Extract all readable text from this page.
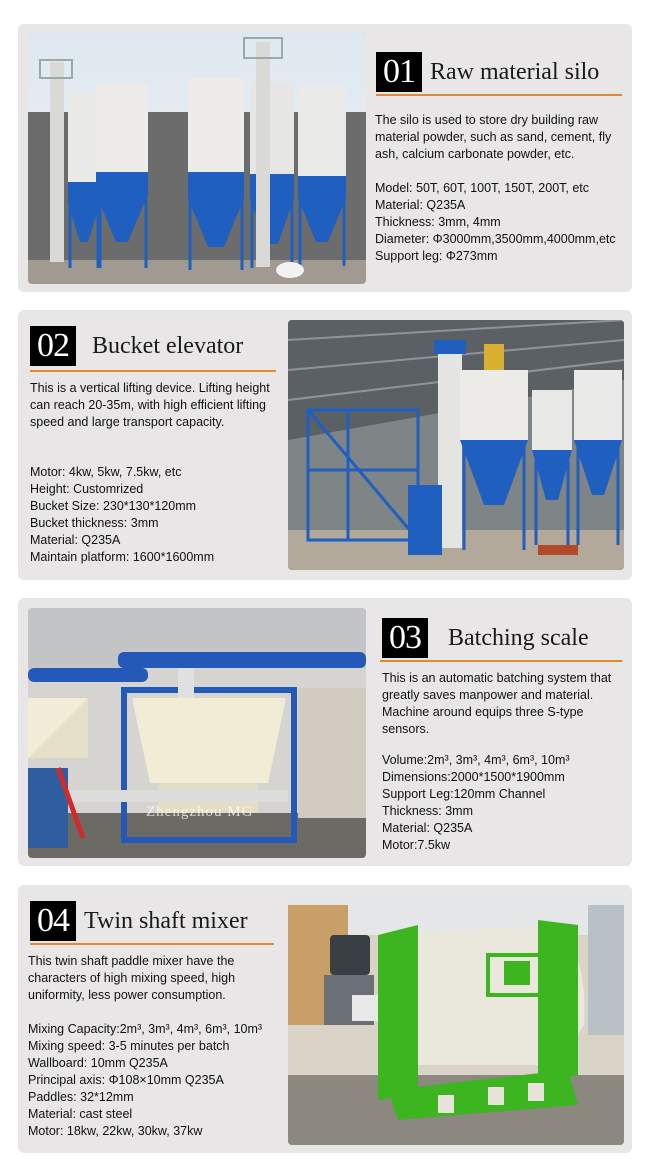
01 Raw material silo

The silo is used to store dry building raw material powder, such as sand, cement, fly ash, calcium carbonate powder, etc.

Model: 50T, 60T, 100T, 150T, 200T, etc
Material: Q235A
Thickness: 3mm, 4mm
Diameter: Φ3000mm,3500mm,4000mm,etc
Support leg: Φ273mm
02 Bucket elevator

This is a vertical lifting device. Lifting height can reach 20-35m, with high efficient lifting speed and large transport capacity.

Motor: 4kw, 5kw, 7.5kw, etc
Height: Customrized
Bucket Size: 230*130*120mm
Bucket thickness: 3mm
Material: Q235A
Maintain platform: 1600*1600mm
Zhengzhou MG
03 Batching scale

This is an automatic batching system that greatly saves manpower and material. Machine around equips three S-type sensors.

Volume:2m³, 3m³, 4m³, 6m³, 10m³
Dimensions:2000*1500*1900mm
Support Leg:120mm Channel
Thickness: 3mm
Material: Q235A
Motor:7.5kw
04 Twin shaft mixer

This twin shaft paddle mixer have the characters of high mixing speed, high uniformity, less power consumption.

Mixing Capacity:2m³, 3m³, 4m³, 6m³, 10m³
Mixing speed: 3-5 minutes per batch
Wallboard: 10mm Q235A
Principal axis: Φ108×10mm Q235A
Paddles: 32*12mm
Material: cast steel
Motor: 18kw, 22kw, 30kw, 37kw
